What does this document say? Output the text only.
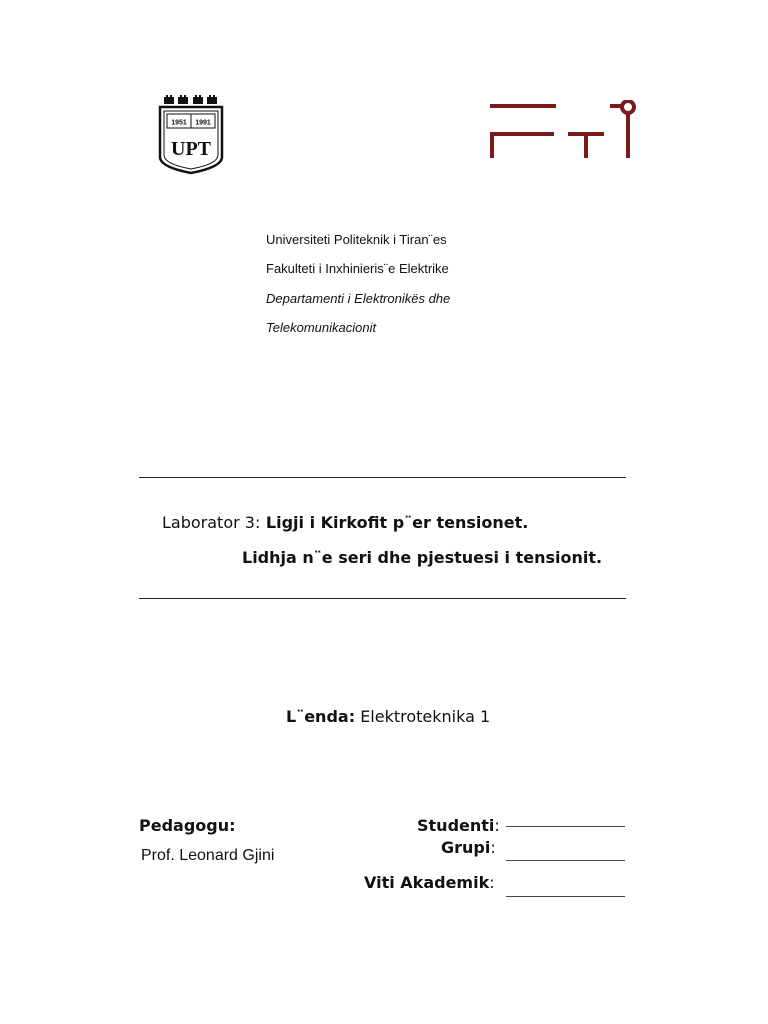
1951 1991
UPT
Universiteti Politeknik i Tiran¨es
Fakulteti i Inxhinieris¨e Elektrike
Departamenti i Elektronikës dhe
Telekomunikacionit
Laborator 3: Ligji i Kirkofit p¨er tensionet.
Lidhja n¨e seri dhe pjestuesi i tensionit.
L¨enda: Elektroteknika 1
Pedagogu:
Prof. Leonard Gjini
Studenti:
Grupi:
Viti Akademik:
